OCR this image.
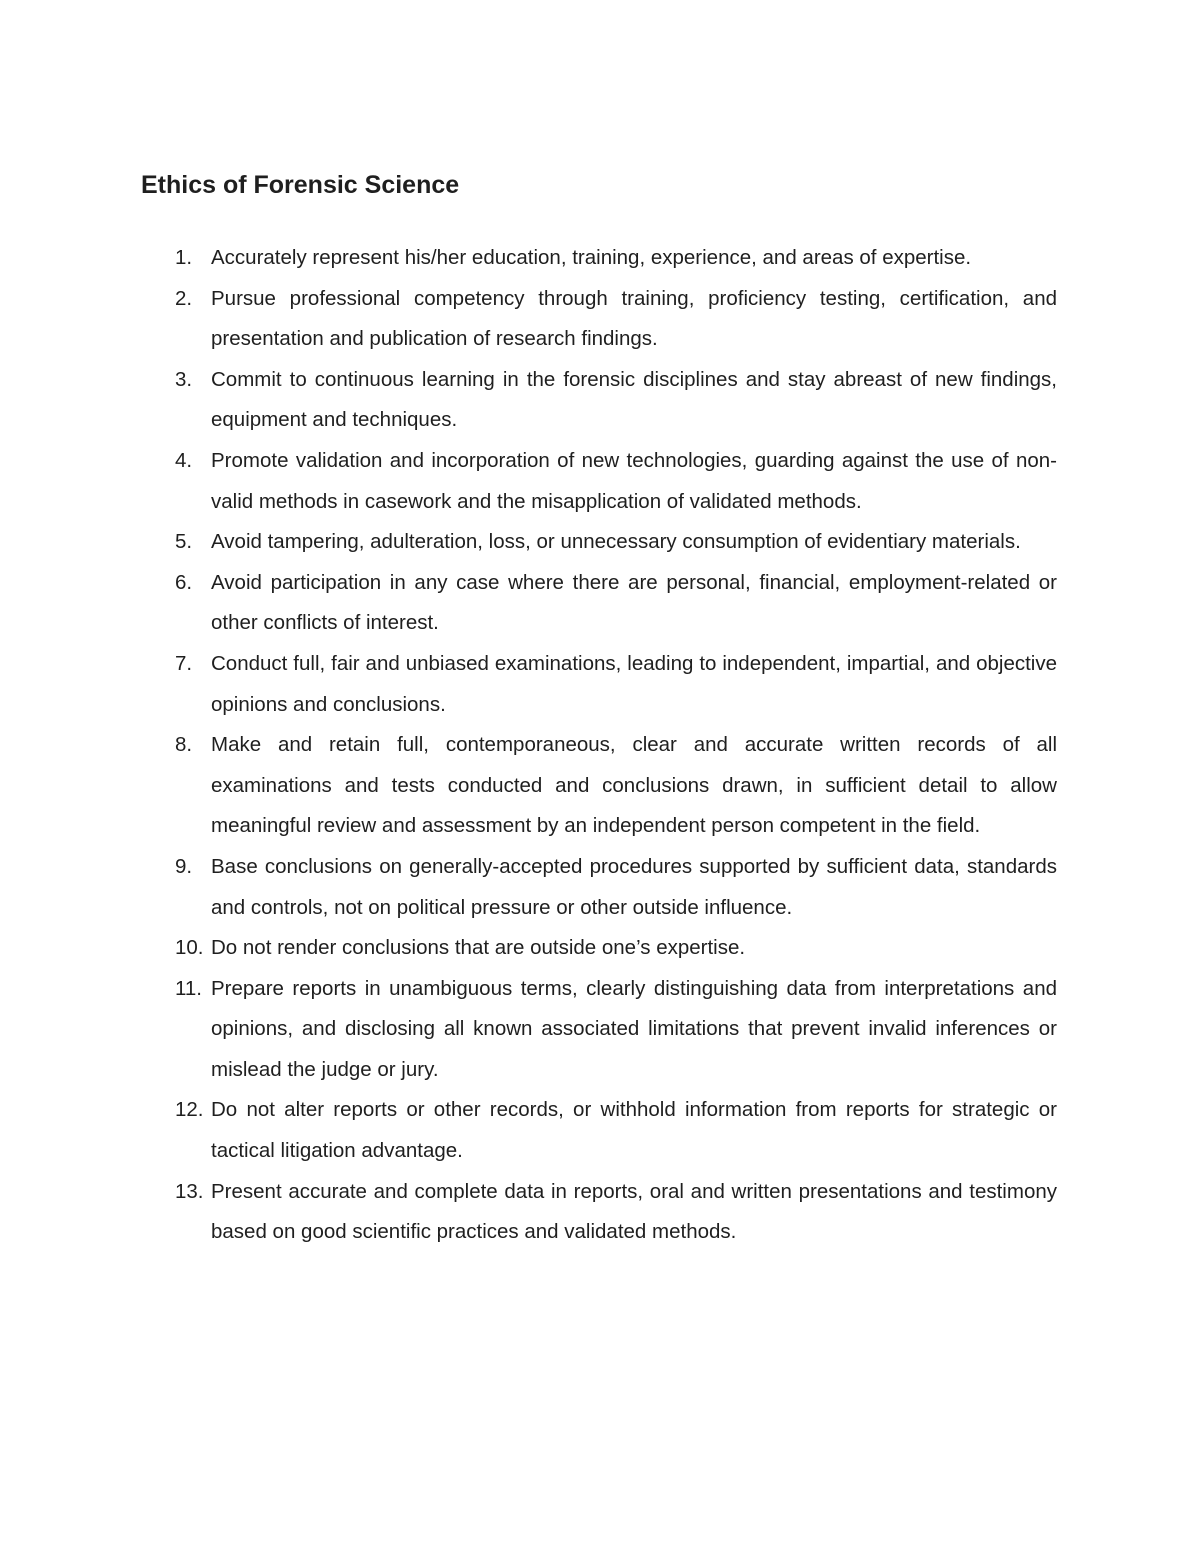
Ethics of Forensic Science
1. Accurately represent his/her education, training, experience, and areas of expertise.
2. Pursue professional competency through training, proficiency testing, certification, and presentation and publication of research findings.
3. Commit to continuous learning in the forensic disciplines and stay abreast of new findings, equipment and techniques.
4. Promote validation and incorporation of new technologies, guarding against the use of non-valid methods in casework and the misapplication of validated methods.
5. Avoid tampering, adulteration, loss, or unnecessary consumption of evidentiary materials.
6. Avoid participation in any case where there are personal, financial, employment-related or other conflicts of interest.
7. Conduct full, fair and unbiased examinations, leading to independent, impartial, and objective opinions and conclusions.
8. Make and retain full, contemporaneous, clear and accurate written records of all examinations and tests conducted and conclusions drawn, in sufficient detail to allow meaningful review and assessment by an independent person competent in the field.
9. Base conclusions on generally-accepted procedures supported by sufficient data, standards and controls, not on political pressure or other outside influence.
10. Do not render conclusions that are outside one’s expertise.
11. Prepare reports in unambiguous terms, clearly distinguishing data from interpretations and opinions, and disclosing all known associated limitations that prevent invalid inferences or mislead the judge or jury.
12. Do not alter reports or other records, or withhold information from reports for strategic or tactical litigation advantage.
13. Present accurate and complete data in reports, oral and written presentations and testimony based on good scientific practices and validated methods.
